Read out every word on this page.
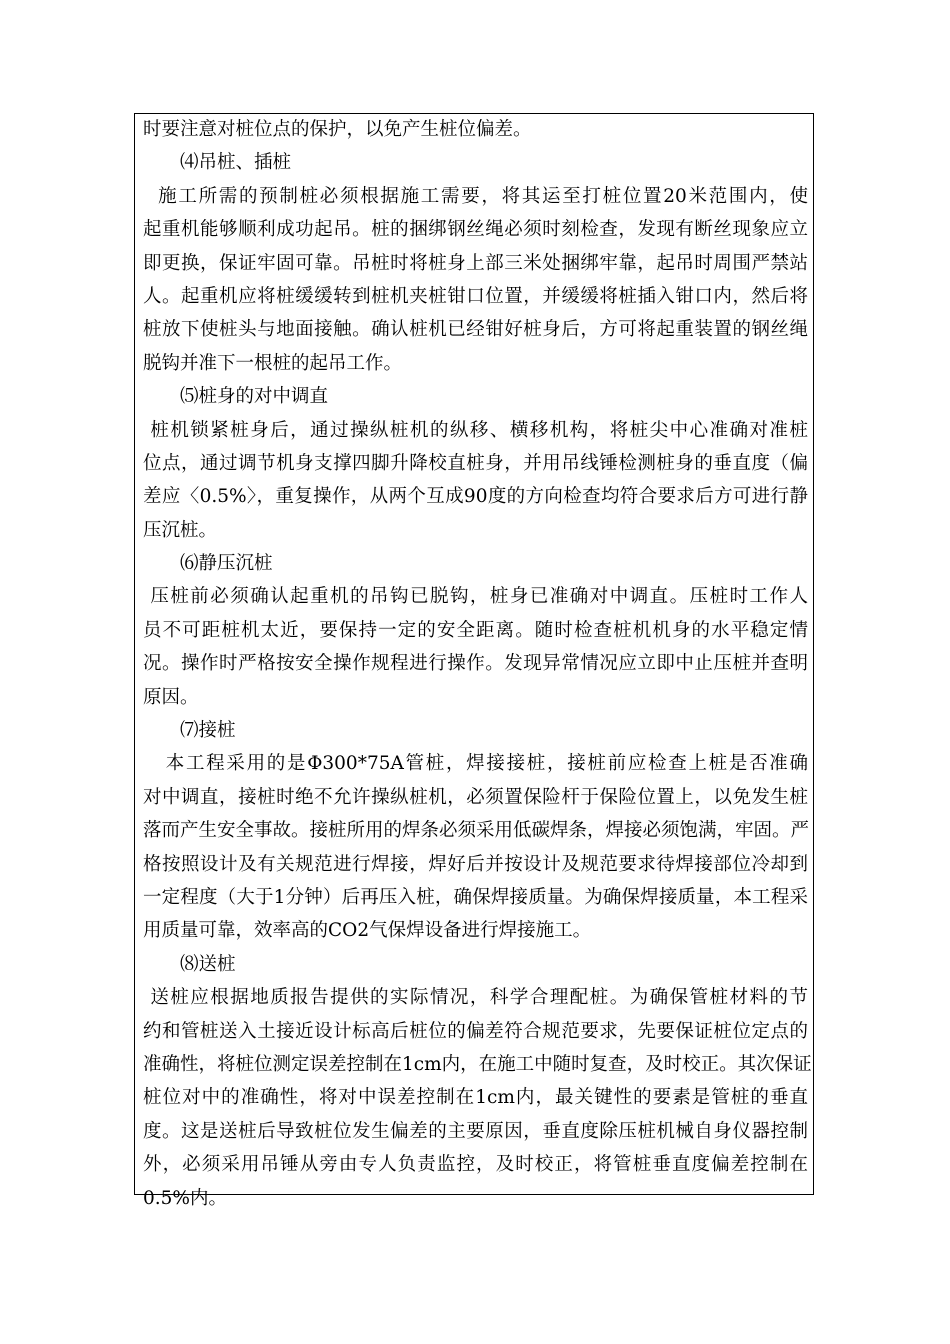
时要注意对桩位点的保护，以免产生桩位偏差。
⑷吊桩、插桩
施工所需的预制桩必须根据施工需要，将其运至打桩位置20米范围内，使
起重机能够顺利成功起吊。桩的捆绑钢丝绳必须时刻检查，发现有断丝现象应立
即更换，保证牢固可靠。吊桩时将桩身上部三米处捆绑牢靠，起吊时周围严禁站
人。起重机应将桩缓缓转到桩机夹桩钳口位置，并缓缓将桩插入钳口内，然后将
桩放下使桩头与地面接触。确认桩机已经钳好桩身后，方可将起重装置的钢丝绳
脱钩并准下一根桩的起吊工作。
⑸桩身的对中调直
桩机锁紧桩身后，通过操纵桩机的纵移、横移机构，将桩尖中心准确对准桩
位点，通过调节机身支撑四脚升降校直桩身，并用吊线锤检测桩身的垂直度（偏
差应〈0.5%〉，重复操作，从两个互成90度的方向检查均符合要求后方可进行静
压沉桩。
⑹静压沉桩
压桩前必须确认起重机的吊钩已脱钩，桩身已准确对中调直。压桩时工作人
员不可距桩机太近，要保持一定的安全距离。随时检查桩机机身的水平稳定情
况。操作时严格按安全操作规程进行操作。发现异常情况应立即中止压桩并查明
原因。
⑺接桩
本工程采用的是Φ300*75A管桩，焊接接桩，接桩前应检查上桩是否准确
对中调直，接桩时绝不允许操纵桩机，必须置保险杆于保险位置上，以免发生桩
落而产生安全事故。接桩所用的焊条必须采用低碳焊条，焊接必须饱满，牢固。严
格按照设计及有关规范进行焊接，焊好后并按设计及规范要求待焊接部位冷却到
一定程度（大于1分钟）后再压入桩，确保焊接质量。为确保焊接质量，本工程采
用质量可靠，效率高的CO2气保焊设备进行焊接施工。
⑻送桩
送桩应根据地质报告提供的实际情况，科学合理配桩。为确保管桩材料的节
约和管桩送入土接近设计标高后桩位的偏差符合规范要求，先要保证桩位定点的
准确性，将桩位测定误差控制在1cm内，在施工中随时复查，及时校正。其次保证
桩位对中的准确性，将对中误差控制在1cm内，最关键性的要素是管桩的垂直
度。这是送桩后导致桩位发生偏差的主要原因，垂直度除压桩机械自身仪器控制
外，必须采用吊锤从旁由专人负责监控，及时校正，将管桩垂直度偏差控制在
0.5%内。
